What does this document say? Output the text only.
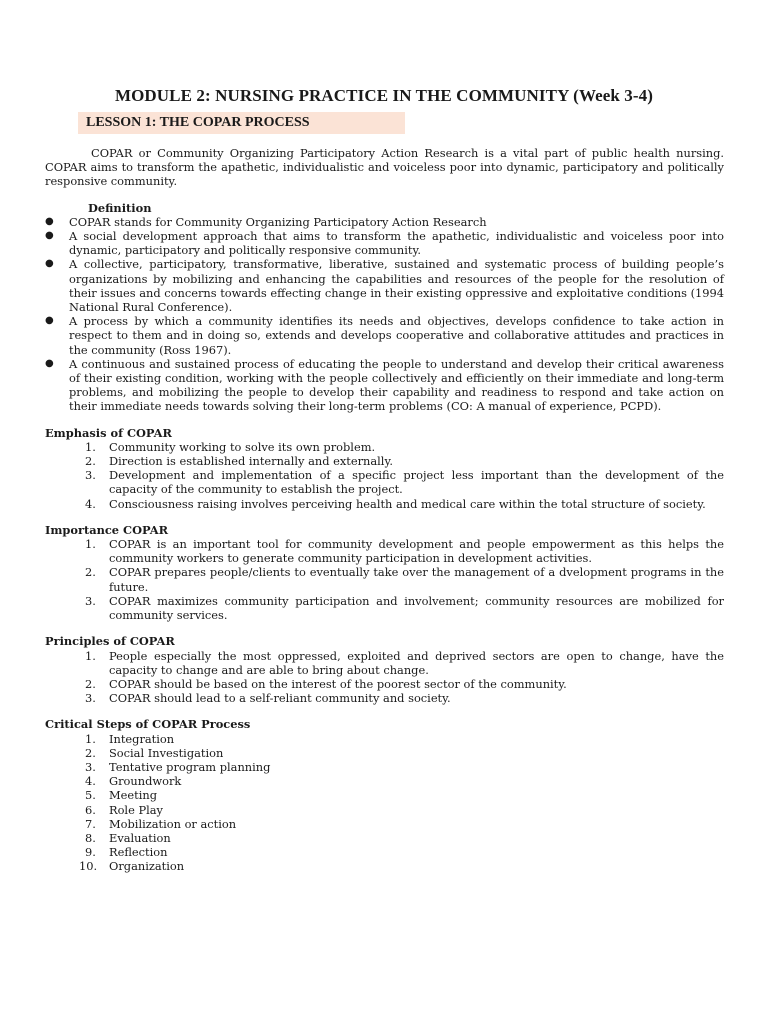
MODULE 2: NURSING PRACTICE IN THE COMMUNITY (Week 3-4)
LESSON 1: THE COPAR PROCESS

COPAR or Community Organizing Participatory Action Research is a vital part of public health nursing. COPAR aims to transform the apathetic, individualistic and voiceless poor into dynamic, participatory and politically responsive community.

Definition
● COPAR stands for Community Organizing Participatory Action Research
● A social development approach that aims to transform the apathetic, individualistic and voiceless poor into dynamic, participatory and politically responsive community.
● A collective, participatory, transformative, liberative, sustained and systematic process of building people’s organizations by mobilizing and enhancing the capabilities and resources of the people for the resolution of their issues and concerns towards effecting change in their existing oppressive and exploitative conditions (1994 National Rural Conference).
● A process by which a community identifies its needs and objectives, develops confidence to take action in respect to them and in doing so, extends and develops cooperative and collaborative attitudes and practices in the community (Ross 1967).
● A continuous and sustained process of educating the people to understand and develop their critical awareness of their existing condition, working with the people collectively and efficiently on their immediate and long-term problems, and mobilizing the people to develop their capability and readiness to respond and take action on their immediate needs towards solving their long-term problems (CO: A manual of experience, PCPD).
Emphasis of COPAR
1. Community working to solve its own problem.
2. Direction is established internally and externally.
3. Development and implementation of a specific project less important than the development of the capacity of the community to establish the project.
4. Consciousness raising involves perceiving health and medical care within the total structure of society.
Importance COPAR
1. COPAR is an important tool for community development and people empowerment as this helps the community workers to generate community participation in development activities.
2. COPAR prepares people/clients to eventually take over the management of a dvelopment programs in the future.
3. COPAR maximizes community participation and involvement; community resources are mobilized for community services.
Principles of COPAR
1. People especially the most oppressed, exploited and deprived sectors are open to change, have the capacity to change and are able to bring about change.
2. COPAR should be based on the interest of the poorest sector of the community.
3. COPAR should lead to a self-reliant community and society.
Critical Steps of COPAR Process
1. Integration
2. Social Investigation
3. Tentative program planning
4. Groundwork
5. Meeting
6. Role Play
7. Mobilization or action
8. Evaluation
9. Reflection
10. Organization
